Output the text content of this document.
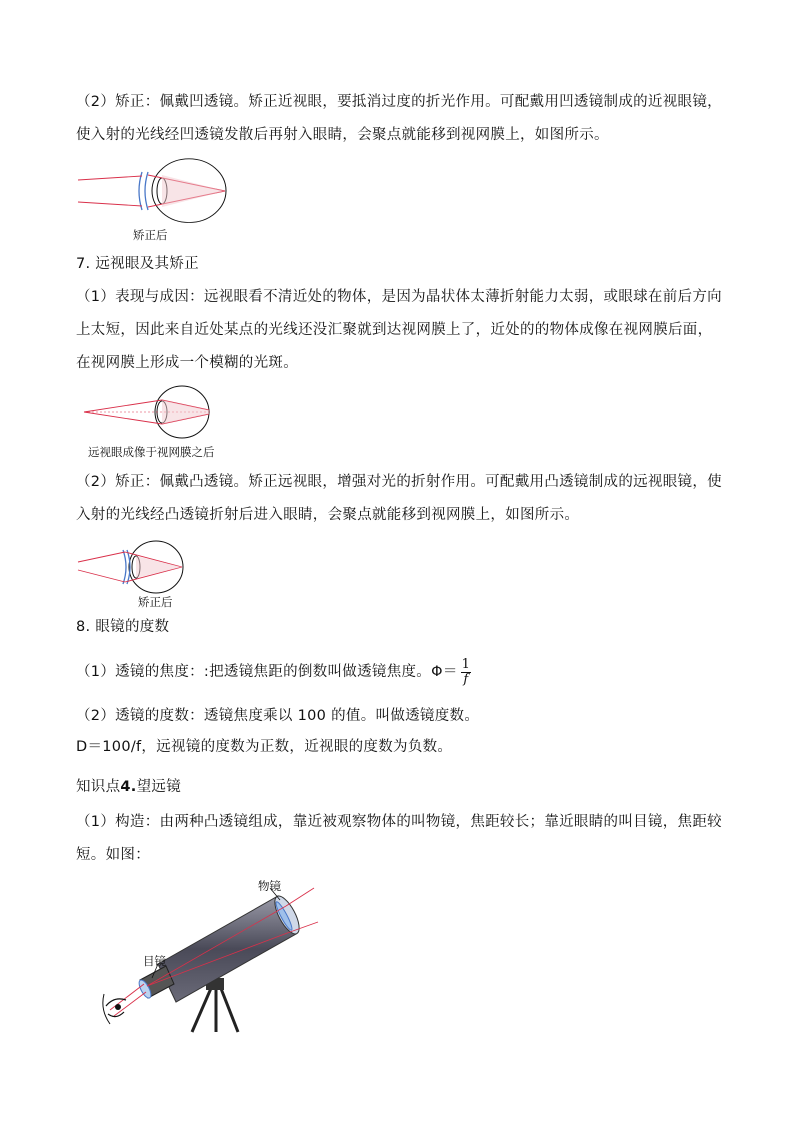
（2）矫正：佩戴凹透镜。矫正近视眼，要抵消过度的折光作用。可配戴用凹透镜制成的近视眼镜，使入射的光线经凹透镜发散后再射入眼睛，会聚点就能移到视网膜上，如图所示。

矫正后

7. 远视眼及其矫正

（1）表现与成因：远视眼看不清近处的物体，是因为晶状体太薄折射能力太弱，或眼球在前后方向上太短，因此来自近处某点的光线还没汇聚就到达视网膜上了，近处的的物体成像在视网膜后面，在视网膜上形成一个模糊的光斑。

远视眼成像于视网膜之后

（2）矫正：佩戴凸透镜。矫正远视眼，增强对光的折射作用。可配戴用凸透镜制成的远视眼镜，使入射的光线经凸透镜折射后进入眼睛，会聚点就能移到视网膜上，如图所示。

矫正后

8. 眼镜的度数

（1）透镜的焦度：:把透镜焦距的倒数叫做透镜焦度。$\Phi= \frac{1}{f}$

（2）透镜的度数：透镜焦度乘以 100 的值。叫做透镜度数。

D＝100/f，远视镜的度数为正数，近视眼的度数为负数。

知识点4.望远镜

（1）构造：由两种凸透镜组成，靠近被观察物体的叫物镜，焦距较长；靠近眼睛的叫目镜，焦距较短。如图：

物镜
目镜
